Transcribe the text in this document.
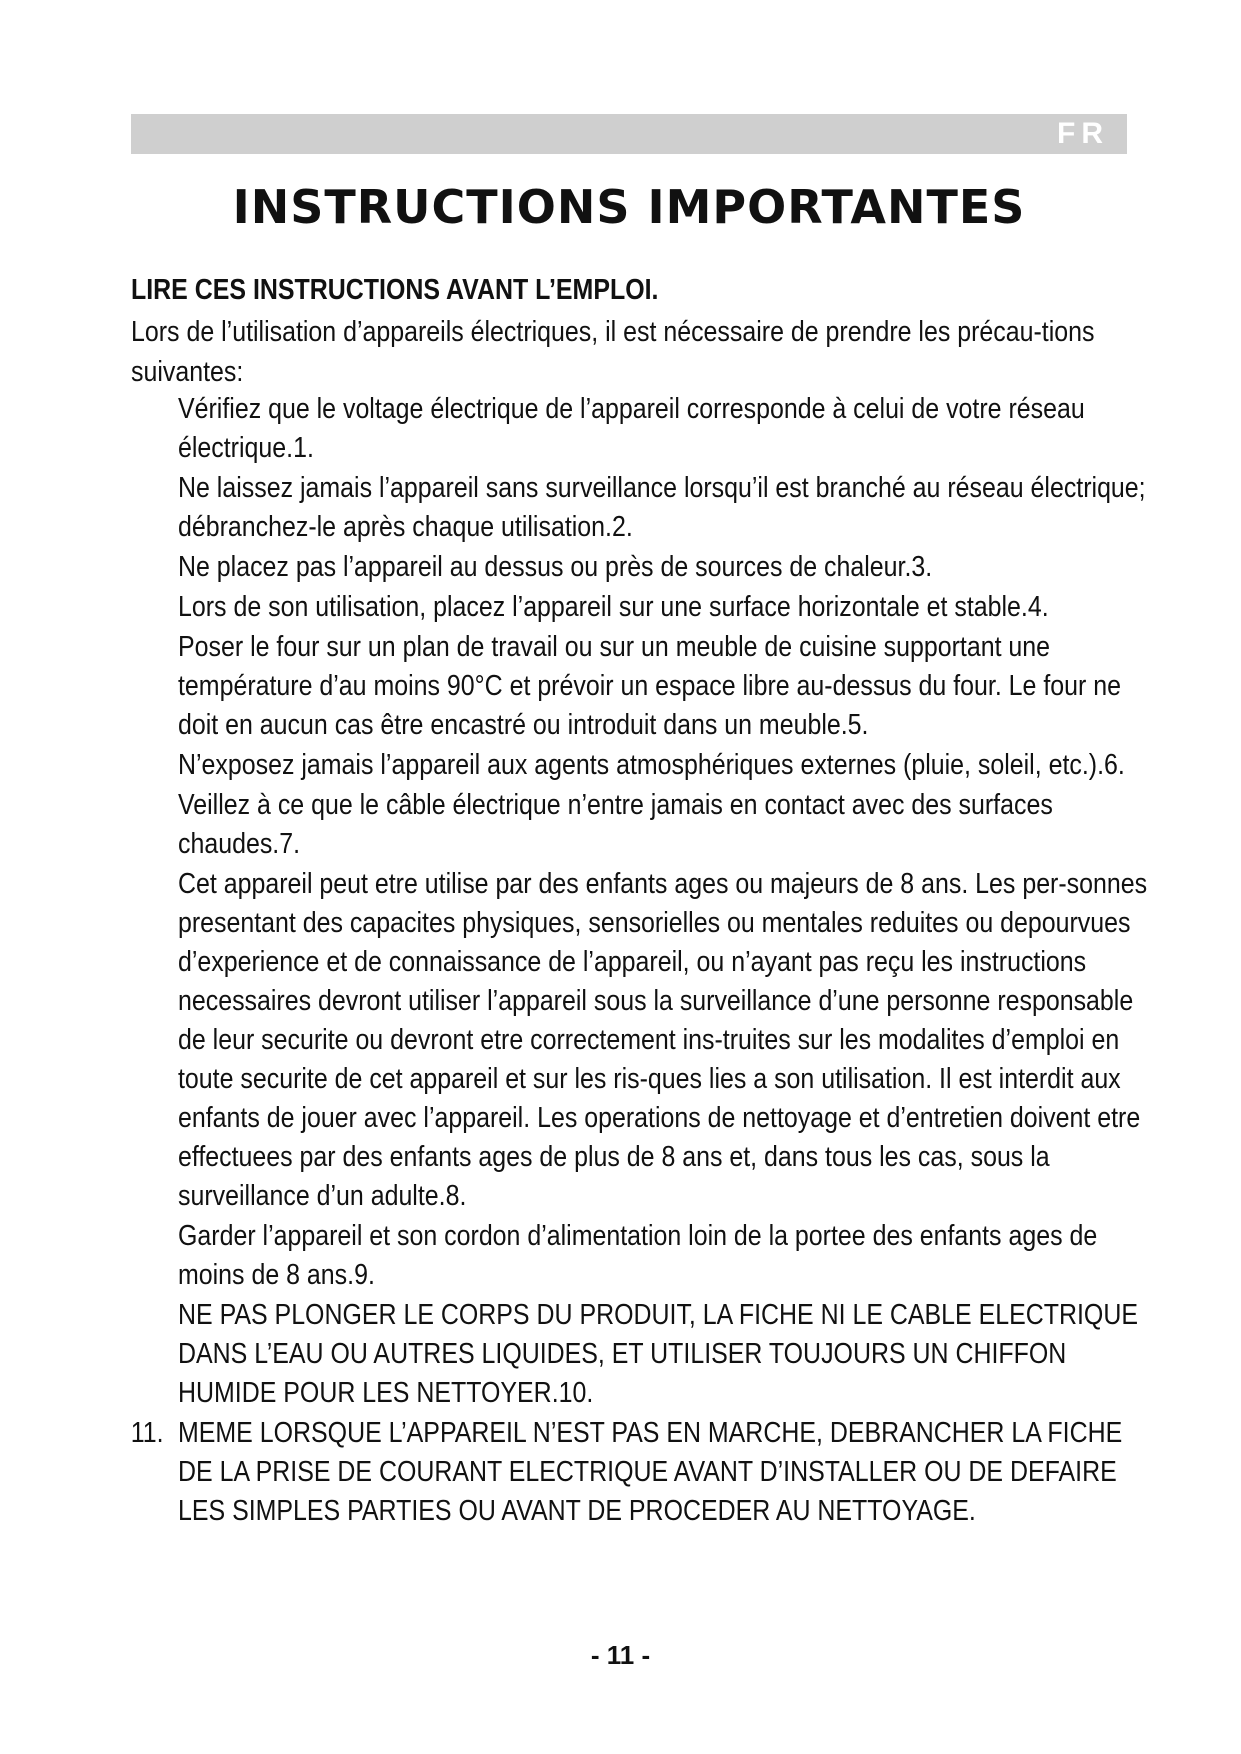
FR
INSTRUCTIONS IMPORTANTES
LIRE CES INSTRUCTIONS AVANT L’EMPLOI.
Lors de l’utilisation d’appareils électriques, il est nécessaire de prendre les précau-tions suivantes:
Vérifiez que le voltage électrique de l’appareil corresponde à celui de votre réseau électrique.1.
Ne laissez jamais l’appareil sans surveillance lorsqu’il est branché au réseau électrique; débranchez-le après chaque utilisation.2.
Ne placez pas l’appareil au dessus ou près de sources de chaleur.3.
Lors de son utilisation, placez l’appareil sur une surface horizontale et stable.4.
Poser le four sur un plan de travail ou sur un meuble de cuisine supportant une température d’au moins 90°C et prévoir un espace libre au-dessus du four. Le four ne doit en aucun cas être encastré ou introduit dans un meuble.5.
N’exposez jamais l’appareil aux agents atmosphériques externes (pluie, soleil, etc.).6.
Veillez à ce que le câble électrique n’entre jamais en contact avec des surfaces chaudes.7.
Cet appareil peut etre utilise par des enfants ages ou majeurs de 8 ans. Les per-sonnes presentant des capacites physiques, sensorielles ou mentales reduites ou depourvues d’experience et de connaissance de l’appareil, ou n’ayant pas reçu les instructions necessaires devront utiliser l’appareil sous la surveillance d’une personne responsable de leur securite ou devront etre correctement ins-truites sur les modalites d’emploi en toute securite de cet appareil et sur les ris-ques lies a son utilisation. Il est interdit aux enfants de jouer avec l’appareil. Les operations de nettoyage et d’entretien doivent etre effectuees par des enfants ages de plus de 8 ans et, dans tous les cas, sous la surveillance d’un adulte.8.
Garder l’appareil et son cordon d’alimentation loin de la portee des enfants ages de moins de 8 ans.9.
NE PAS PLONGER LE CORPS DU PRODUIT, LA FICHE NI LE CABLE ELECTRIQUE DANS L’EAU OU AUTRES LIQUIDES, ET UTILISER TOUJOURS UN CHIFFON HUMIDE POUR LES NETTOYER.10.
11. MEME LORSQUE L’APPAREIL N’EST PAS EN MARCHE, DEBRANCHER LA FICHE DE LA PRISE DE COURANT ELECTRIQUE AVANT D’INSTALLER OU DE DEFAIRE LES SIMPLES PARTIES OU AVANT DE PROCEDER AU NETTOYAGE.
- 11 -
